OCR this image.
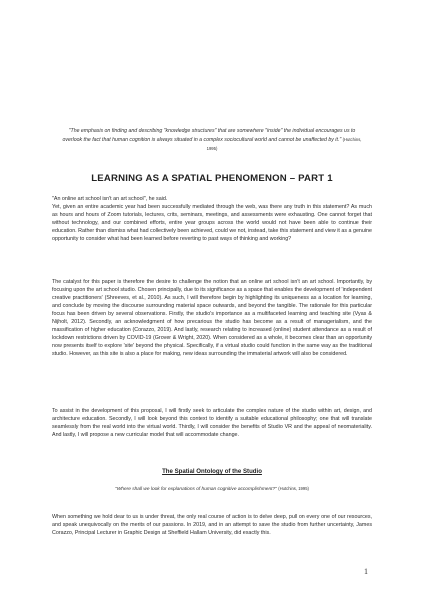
"The emphasis on finding and describing "knowledge structures" that are somewhere "inside" the individual encourages us to overlook the fact that human cognition is always situated in a complex sociocultural world and cannot be unaffected by it." (Hutchins, 1995)
LEARNING AS A SPATIAL PHENOMENON – PART 1

"An online art school isn't an art school", he said.
Yet, given an entire academic year had been successfully mediated through the web, was there any truth in this statement? As much as hours and hours of Zoom tutorials, lectures, crits, seminars, meetings, and assessments were exhausting. One cannot forget that without technology, and our combined efforts, entire year groups across the world would not have been able to continue their education. Rather than dismiss what had collectively been achieved, could we not, instead, take this statement and view it as a genuine opportunity to consider what had been learned before reverting to past ways of thinking and working?

The catalyst for this paper is therefore the desire to challenge the notion that an online art school isn't an art school. Importantly, by focusing upon the art school studio. Chosen principally, due to its significance as a space that enables the development of 'independent creative practitioners' (Shreeves, et al., 2010). As such, I will therefore begin by highlighting its uniqueness as a location for learning, and conclude by moving the discourse surrounding material space outwards, and beyond the tangible. The rationale for this particular focus has been driven by several observations. Firstly, the studio's importance as a multifaceted learning and teaching site (Vyas & Nijholt, 2012). Secondly, an acknowledgment of how precarious the studio has become as a result of managerialism, and the massification of higher education (Corazzo, 2019). And lastly, research relating to increased (online) student attendance as a result of lockdown restrictions driven by COVID-19 (Grover & Wright, 2020). When considered as a whole, it becomes clear than an opportunity now presents itself to explore 'site' beyond the physical. Specifically, if a virtual studio could function in the same way as the traditional studio. However, as this site is also a place for making, new ideas surrounding the immaterial artwork will also be considered.

To assist in the development of this proposal, I will firstly seek to articulate the complex nature of the studio within art, design, and architecture education. Secondly, I will look beyond this context to identify a suitable educational philosophy; one that will translate seamlessly from the real world into the virtual world. Thirdly, I will consider the benefits of Studio VR and the appeal of neomateriality. And lastly, I will propose a new curricular model that will accommodate change.

The Spatial Ontology of the Studio

"Where shall we look for explanations of human cognitive accomplishment?" (Hutchins, 1995)

When something we hold dear to us is under threat, the only real course of action is to delve deep, pull on every one of our resources, and speak unequivocally on the merits of our passions. In 2019, and in an attempt to save the studio from further uncertainty, James Corazzo, Principal Lecturer in Graphic Design at Sheffield Hallam University, did exactly this.

1
